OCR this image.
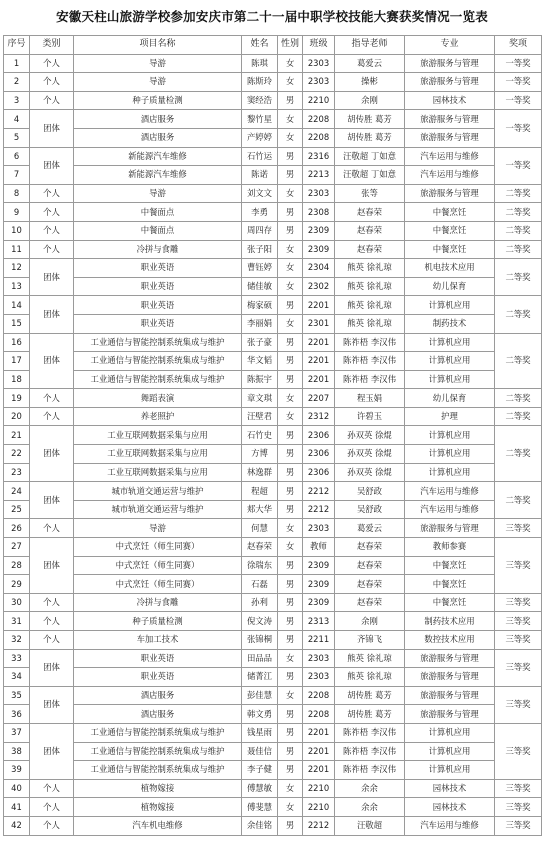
安徽天柱山旅游学校参加安庆市第二十一届中职学校技能大赛获奖情况一览表
序号	类别	项目名称	姓名	性别	班级	指导老师	专业	奖项
1	个人	导游	陈琪	女	2303	葛爱云	旅游服务与管理	一等奖
2	个人	导游	陈斯玲	女	2303	操彬	旅游服务与管理	一等奖
3	个人	种子质量检测	窦经浩	男	2210	余刚	园林技术	一等奖
4	团体	酒店服务	黎竹星	女	2208	胡传胜 葛芳	旅游服务与管理	一等奖
5		酒店服务	产婷婷	女	2208	胡传胜 葛芳	旅游服务与管理	
6	团体	新能源汽车维修	石竹运	男	2316	汪敬超 丁如意	汽车运用与维修	一等奖
7		新能源汽车维修	陈诺	男	2213	汪敬超 丁如意	汽车运用与维修	
8	个人	导游	刘文文	女	2303	张等	旅游服务与管理	二等奖
9	个人	中餐面点	李勇	男	2308	赵春荣	中餐烹饪	二等奖
10	个人	中餐面点	周四存	男	2309	赵春荣	中餐烹饪	二等奖
11	个人	冷拼与食雕	张子阳	女	2309	赵春荣	中餐烹饪	二等奖
12	团体	职业英语	曹钰婷	女	2304	熊英 徐礼琼	机电技术应用	二等奖
13		职业英语	储佳敏	女	2302	熊英 徐礼琼	幼儿保育	
14	团体	职业英语	梅家硕	男	2201	熊英 徐礼琼	计算机应用	二等奖
15		职业英语	李丽娟	女	2301	熊英 徐礼琼	制药技术	
16	团体	工业通信与智能控制系统集成与维护	张子豪	男	2201	陈祚梧 李汉伟	计算机应用	二等奖
17		工业通信与智能控制系统集成与维护	华文韬	男	2201	陈祚梧 李汉伟	计算机应用	
18		工业通信与智能控制系统集成与维护	陈振宇	男	2201	陈祚梧 李汉伟	计算机应用	
19	个人	舞蹈表演	章文琪	女	2207	程玉娟	幼儿保育	二等奖
20	个人	养老照护	汪壁君	女	2312	许碧玉	护理	二等奖
21	团体	工业互联网数据采集与应用	石竹史	男	2306	孙双英 徐焜	计算机应用	二等奖
22		工业互联网数据采集与应用	方博	男	2306	孙双英 徐焜	计算机应用	
23		工业互联网数据采集与应用	林逸群	男	2306	孙双英 徐焜	计算机应用	
24	团体	城市轨道交通运营与维护	程超	男	2212	吴舒政	汽车运用与维修	二等奖
25		城市轨道交通运营与维护	郏大华	男	2212	吴舒政	汽车运用与维修	
26	个人	导游	何慧	女	2303	葛爱云	旅游服务与管理	三等奖
27	团体	中式烹饪（师生同赛）	赵春荣	女	教师	赵春荣	教师参赛	三等奖
28		中式烹饪（师生同赛）	徐瑞东	男	2309	赵春荣	中餐烹饪	
29		中式烹饪（师生同赛）	石磊	男	2309	赵春荣	中餐烹饪	
30	个人	冷拼与食雕	孙利	男	2309	赵春荣	中餐烹饪	三等奖
31	个人	种子质量检测	倪文涛	男	2313	余刚	制药技术应用	三等奖
32	个人	车加工技术	张锦桐	男	2211	齐锦飞	数控技术应用	三等奖
33	团体	职业英语	田品品	女	2303	熊英 徐礼琼	旅游服务与管理	三等奖
34		职业英语	储菁江	男	2303	熊英 徐礼琼	旅游服务与管理	
35	团体	酒店服务	彭佳慧	女	2208	胡传胜 葛芳	旅游服务与管理	三等奖
36		酒店服务	韩文勇	男	2208	胡传胜 葛芳	旅游服务与管理	
37	团体	工业通信与智能控制系统集成与维护	钱星雨	男	2201	陈祚梧 李汉伟	计算机应用	三等奖
38		工业通信与智能控制系统集成与维护	聂佳信	男	2201	陈祚梧 李汉伟	计算机应用	
39		工业通信与智能控制系统集成与维护	李子健	男	2201	陈祚梧 李汉伟	计算机应用	
40	个人	植物嫁接	傅慧敏	女	2210	余余	园林技术	三等奖
41	个人	植物嫁接	傅斐慧	女	2210	余余	园林技术	三等奖
42	个人	汽车机电维修	余佳铭	男	2212	汪敬超	汽车运用与维修	三等奖
